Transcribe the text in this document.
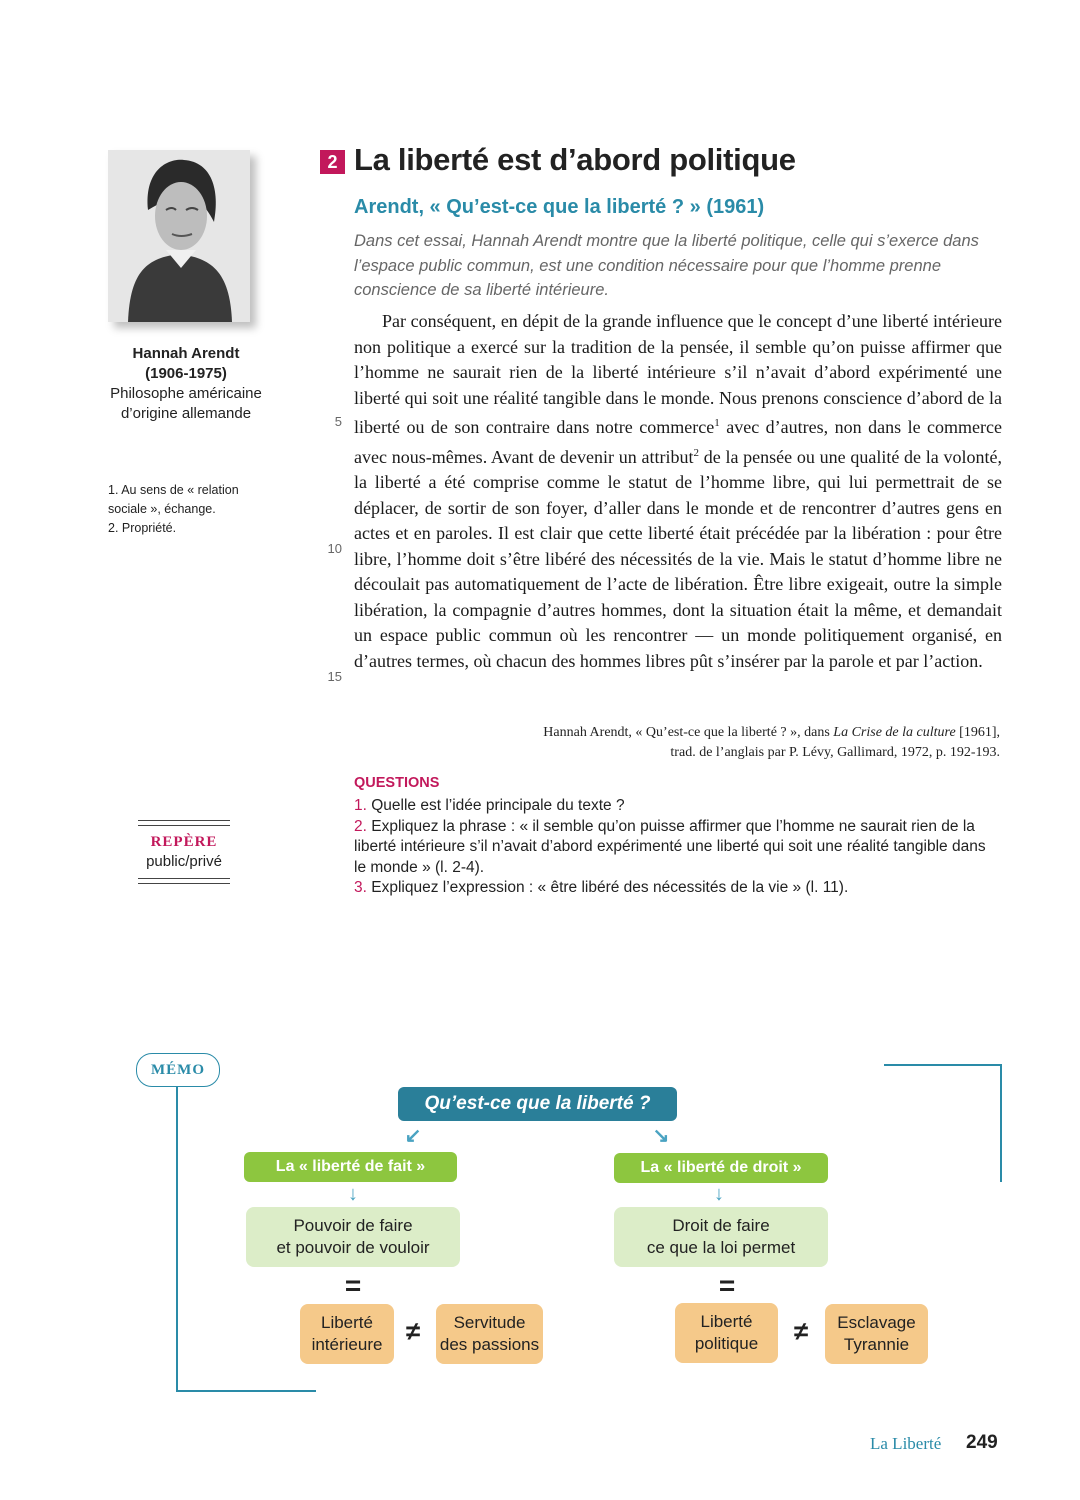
Hannah Arendt
(1906-1975)
Philosophe américaine
d’origine allemande
1. Au sens de « relation sociale », échange.
2. Propriété.
REPÈRE
public/privé
2 La liberté est d’abord politique
Arendt, « Qu’est-ce que la liberté ? » (1961)
Dans cet essai, Hannah Arendt montre que la liberté politique, celle qui s’exerce dans l’espace public commun, est une condition nécessaire pour que l’homme prenne conscience de sa liberté intérieure.

Par conséquent, en dépit de la grande influence que le concept d’une liberté intérieure non politique a exercé sur la tradition de la pensée, il semble qu’on puisse affirmer que l’homme ne saurait rien de la liberté intérieure s’il n’avait d’abord expérimenté une liberté qui soit une réalité tangible dans le monde. Nous prenons conscience d’abord de la liberté ou de son contraire dans notre commerce$^1$ avec d’autres, non dans le commerce avec nous-mêmes. Avant de devenir un attribut$^2$ de la pensée ou une qualité de la volonté, la liberté a été comprise comme le statut de l’homme libre, qui lui permettrait de se déplacer, de sortir de son foyer, d’aller dans le monde et de rencontrer d’autres gens en actes et en paroles. Il est clair que cette liberté était précédée par la libération : pour être libre, l’homme doit s’être libéré des nécessités de la vie. Mais le statut d’homme libre ne découlait pas automatiquement de l’acte de libération. Être libre exigeait, outre la simple libération, la compagnie d’autres hommes, dont la situation était la même, et demandait un espace public commun où les rencontrer — un monde politiquement organisé, en d’autres termes, où chacun des hommes libres pût s’insérer par la parole et par l’action.

5
10
15
Hannah Arendt, « Qu’est-ce que la liberté ? », dans La Crise de la culture [1961],
trad. de l’anglais par P. Lévy, Gallimard, 1972, p. 192-193.
QUESTIONS
1. Quelle est l’idée principale du texte ?
2. Expliquez la phrase : « il semble qu’on puisse affirmer que l’homme ne saurait rien de la liberté intérieure s’il n’avait d’abord expérimenté une liberté qui soit une réalité tangible dans le monde » (l. 2-4).
3. Expliquez l’expression : « être libéré des nécessités de la vie » (l. 11).
MÉMO
Qu’est-ce que la liberté ?
↙	↘
La « liberté de fait »
↓
Pouvoir de faire
et pouvoir de vouloir
=
Liberté
intérieure ≠	Servitude
des passions
La « liberté de droit »
↓
Droit de faire
ce que la loi permet
=
Liberté
politique	≠	Esclavage
Tyrannie
La Liberté 249
